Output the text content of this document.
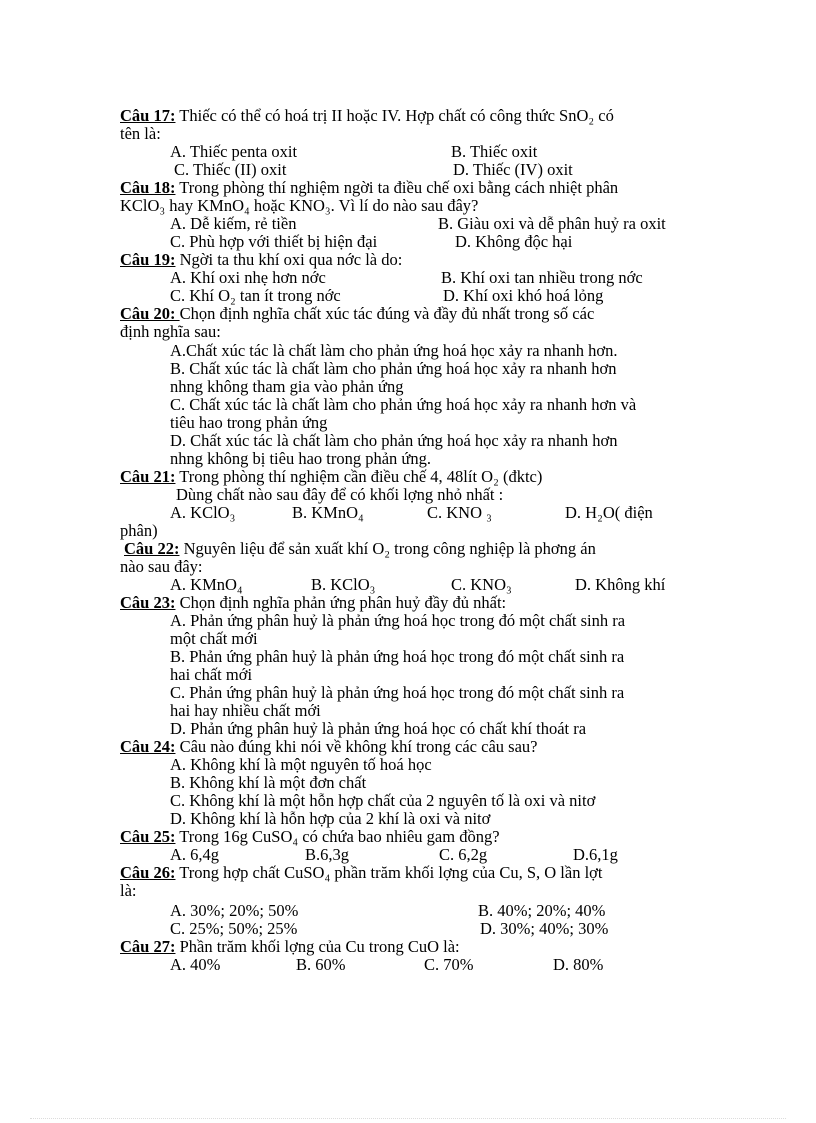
Câu 17: Thiếc có thể có hoá trị II hoặc IV. Hợp chất có công thức SnO₂ có
tên là:
A. Thiếc penta oxit	B. Thiếc oxit
C. Thiếc (II) oxit	D. Thiếc (IV) oxit
Câu 18: Trong phòng thí nghiệm ngời ta điều chế oxi bằng cách nhiệt phân
KClO₃ hay KMnO₄ hoặc KNO₃. Vì lí do nào sau đây?
A. Dễ kiếm, rẻ tiền	B. Giàu oxi và dễ phân huỷ ra oxit
C. Phù hợp với thiết bị hiện đại	D. Không độc hại
Câu 19: Ngời ta thu khí oxi qua nớc là do:
A. Khí oxi nhẹ hơn nớc	B. Khí oxi tan nhiều trong nớc
C. Khí O₂ tan ít trong nớc	D. Khí oxi khó hoá lỏng
Câu 20: Chọn định nghĩa chất xúc tác đúng và đầy đủ nhất trong số các
định nghĩa sau:
A.Chất xúc tác là chất làm cho phản ứng hoá học xảy ra nhanh hơn.
B. Chất xúc tác là chất làm cho phản ứng hoá học xảy ra nhanh hơn
nhng không tham gia vào phản ứng
C. Chất xúc tác là chất làm cho phản ứng hoá học xảy ra nhanh hơn và
tiêu hao trong phản ứng
D. Chất xúc tác là chất làm cho phản ứng hoá học xảy ra nhanh hơn
nhng không bị tiêu hao trong phản ứng.
Câu 21: Trong phòng thí nghiệm cần điều chế 4, 48lít O₂ (đktc)
Dùng chất nào sau đây để có khối lợng nhỏ nhất :
A. KClO₃	B. KMnO₄	C. KNO ₃	D. H₂O( điện
phân)
Câu 22: Nguyên liệu để sản xuất khí O₂ trong công nghiệp là phơng án
nào sau đây:
A. KMnO₄	B. KClO₃	C. KNO₃	D. Không khí
Câu 23: Chọn định nghĩa phản ứng phân huỷ đầy đủ nhất:
A. Phản ứng phân huỷ là phản ứng hoá học trong đó một chất sinh ra
một chất mới
B. Phản ứng phân huỷ là phản ứng hoá học trong đó một chất sinh ra
hai chất mới
C. Phản ứng phân huỷ là phản ứng hoá học trong đó một chất sinh ra
hai hay nhiều chất mới
D. Phản ứng phân huỷ là phản ứng hoá học có chất khí thoát ra
Câu 24: Câu nào đúng khi nói về không khí trong các câu sau?
A. Không khí là một nguyên tố hoá học
B. Không khí là một đơn chất
C. Không khí là một hỗn hợp chất của 2 nguyên tố là oxi và nitơ
D. Không khí là hỗn hợp của 2 khí là oxi và nitơ
Câu 25: Trong 16g CuSO₄ có chứa bao nhiêu gam đồng?
A. 6,4g	B.6,3g	C. 6,2g	D.6,1g
Câu 26: Trong hợp chất CuSO₄ phần trăm khối lợng của Cu, S, O lần lợt
là:
A. 30%; 20%; 50%	B. 40%; 20%; 40%
C. 25%; 50%; 25%	D. 30%; 40%; 30%
Câu 27: Phần trăm khối lợng của Cu trong CuO là:
A. 40%	B. 60%	C. 70%	D. 80%
